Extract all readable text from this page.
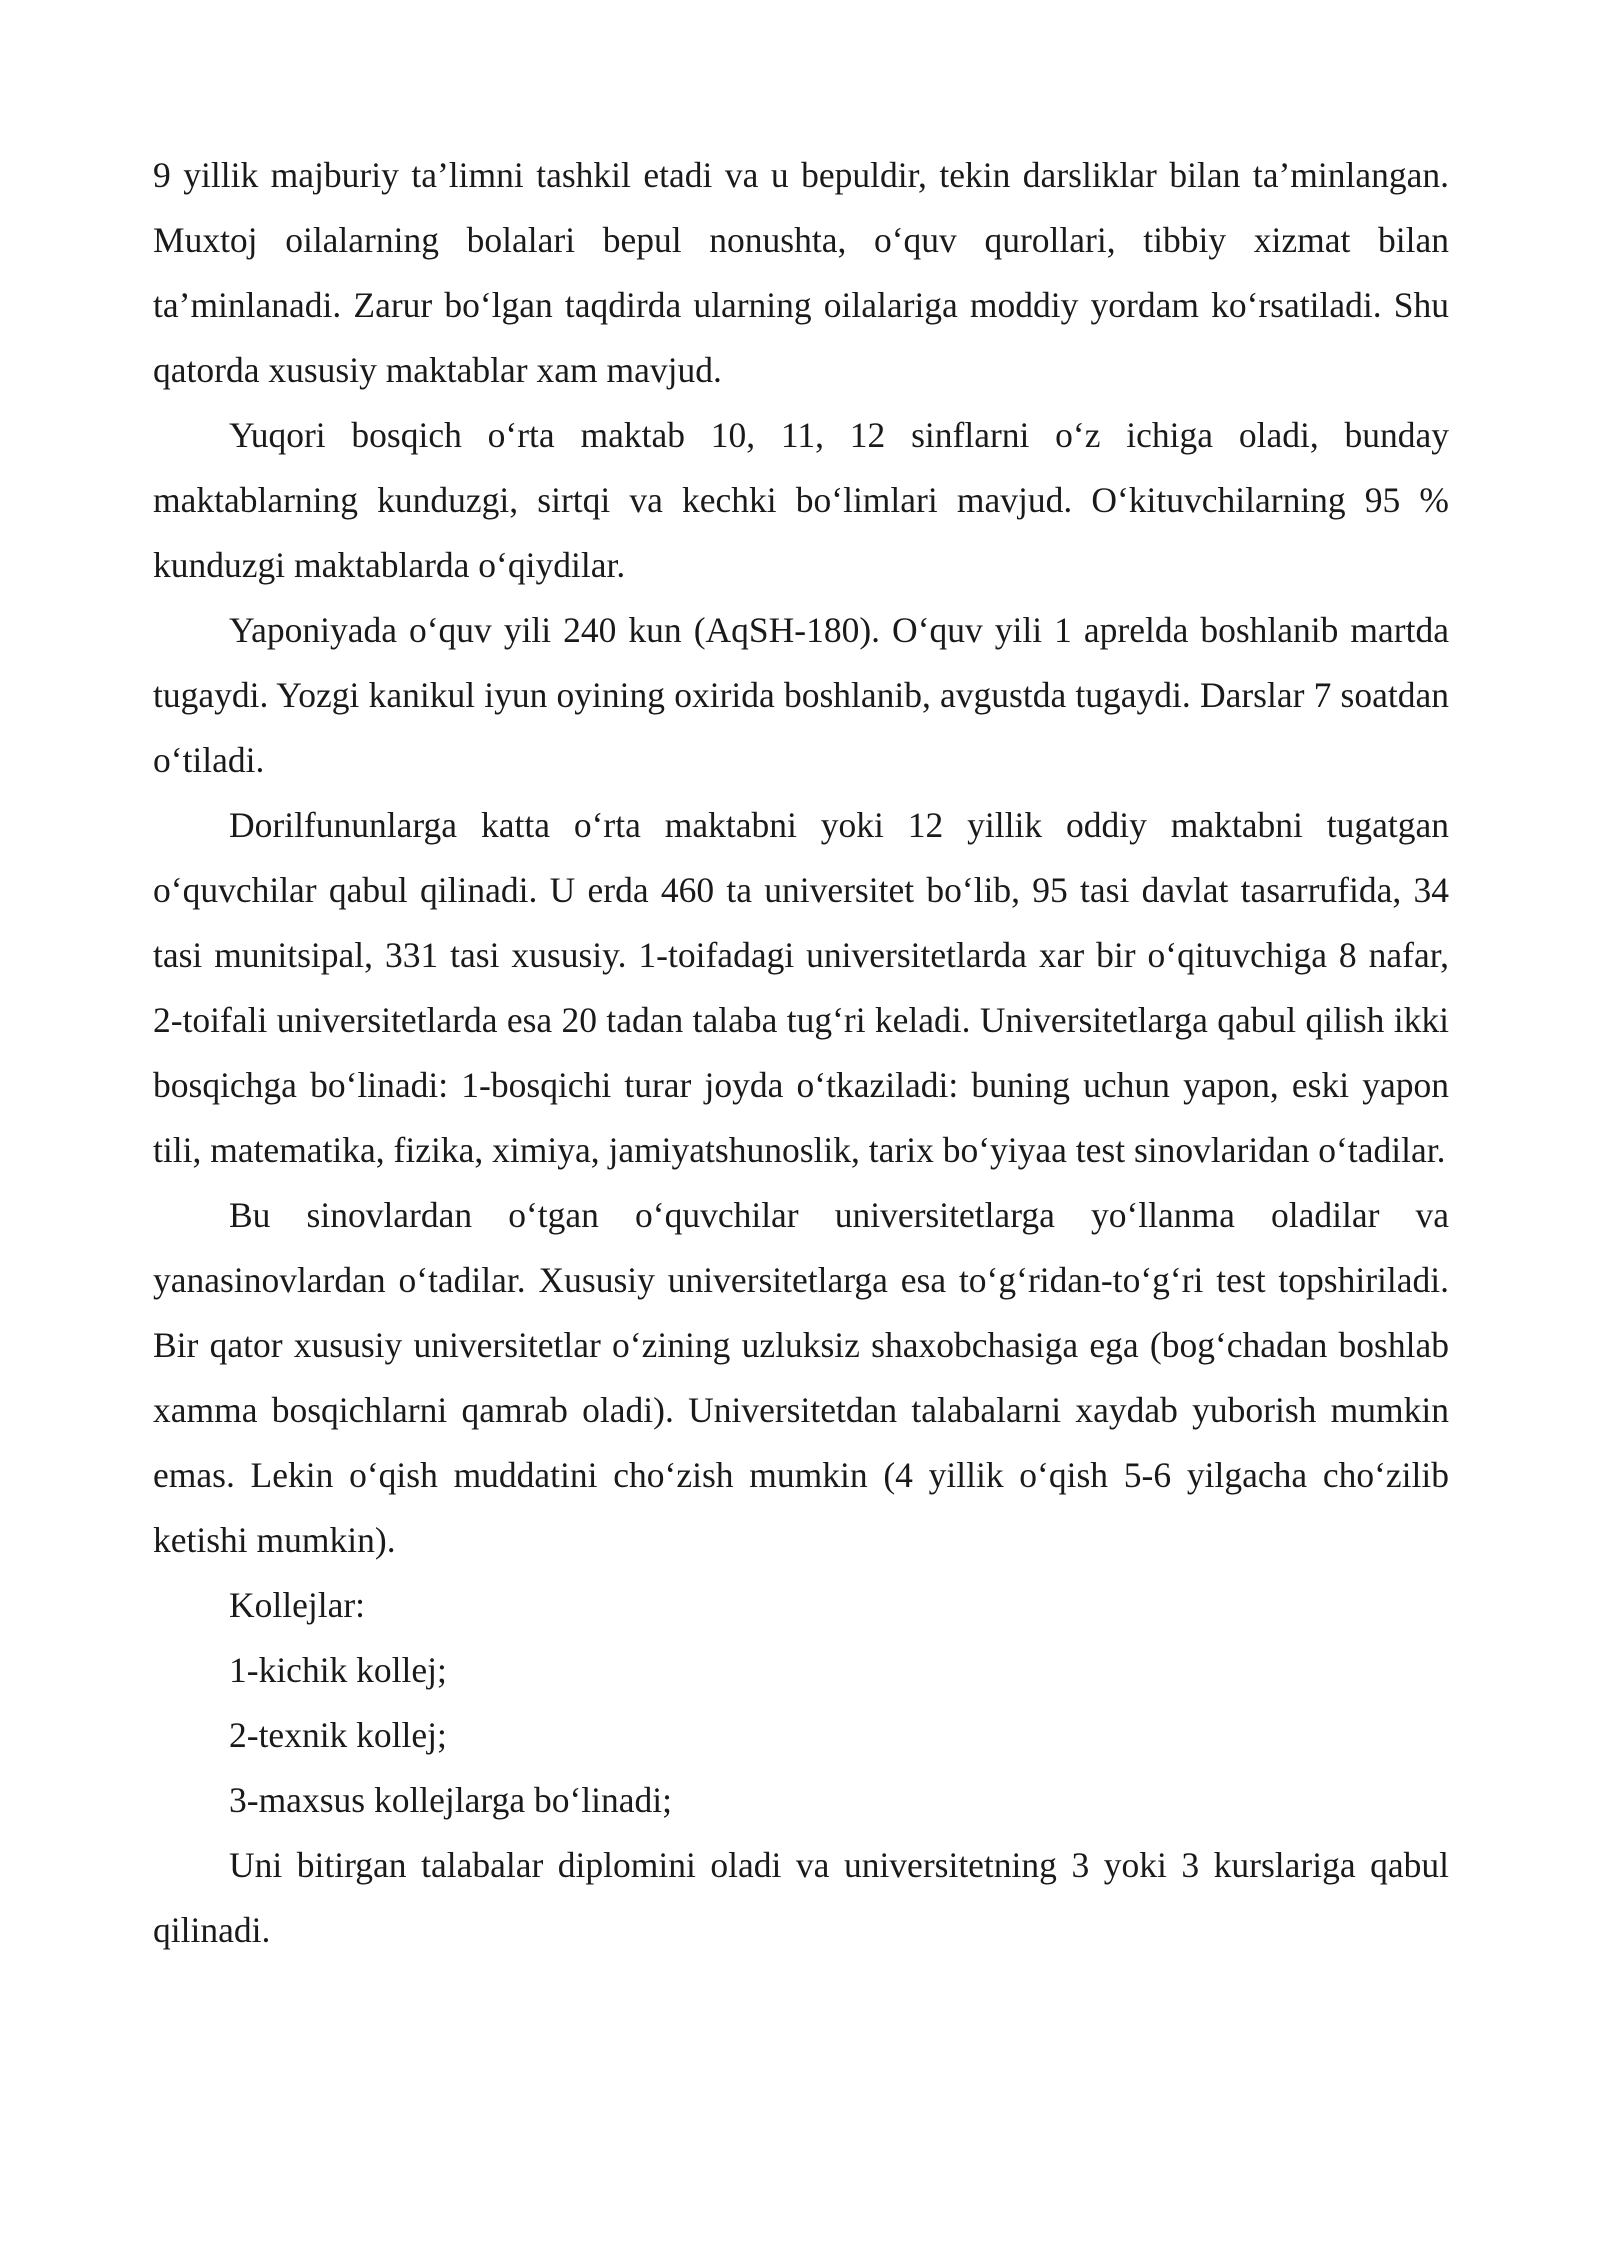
9 yillik majburiy ta’limni tashkil etadi va u bepuldir, tekin darsliklar bilan ta’minlangan. Muxtoj oilalarning bolalari bepul nonushta, o‘quv qurollari, tibbiy xizmat bilan ta’minlanadi. Zarur bo‘lgan taqdirda ularning oilalariga moddiy yordam ko‘rsatiladi. Shu qatorda xususiy maktablar xam mavjud.

Yuqori bosqich o‘rta maktab 10, 11, 12 sinflarni o‘z ichiga oladi, bunday maktablarning kunduzgi, sirtqi va kechki bo‘limlari mavjud. O‘kituvchilarning 95 % kunduzgi maktablarda o‘qiydilar.

Yaponiyada o‘quv yili 240 kun (AqSH-180). O‘quv yili 1 aprelda boshlanib martda tugaydi. Yozgi kanikul iyun oyining oxirida boshlanib, avgustda tugaydi. Darslar 7 soatdan o‘tiladi.

Dorilfununlarga katta o‘rta maktabni yoki 12 yillik oddiy maktabni tugatgan o‘quvchilar qabul qilinadi. U erda 460 ta universitet bo‘lib, 95 tasi davlat tasarrufida, 34 tasi munitsipal, 331 tasi xususiy. 1-toifadagi universitetlarda xar bir o‘qituvchiga 8 nafar, 2-toifali universitetlarda esa 20 tadan talaba tug‘ri keladi. Universitetlarga qabul qilish ikki bosqichga bo‘linadi: 1-bosqichi turar joyda o‘tkaziladi: buning uchun yapon, eski yapon tili, matematika, fizika, ximiya, jamiyatshunoslik, tarix bo‘yiyaa test sinovlaridan o‘tadilar.

Bu sinovlardan o‘tgan o‘quvchilar universitetlarga yo‘llanma oladilar va yanasinovlardan o‘tadilar. Xususiy universitetlarga esa to‘g‘ridan-to‘g‘ri test topshiriladi. Bir qator xususiy universitetlar o‘zining uzluksiz shaxobchasiga ega (bog‘chadan boshlab xamma bosqichlarni qamrab oladi). Universitetdan talabalarni xaydab yuborish mumkin emas. Lekin o‘qish muddatini cho‘zish mumkin (4 yillik o‘qish 5-6 yilgacha cho‘zilib ketishi mumkin).

Kollejlar:

1-kichik kollej;

2-texnik kollej;

3-maxsus kollejlarga bo‘linadi;

Uni bitirgan talabalar diplomini oladi va universitetning 3 yoki 3 kurslariga qabul qilinadi.
